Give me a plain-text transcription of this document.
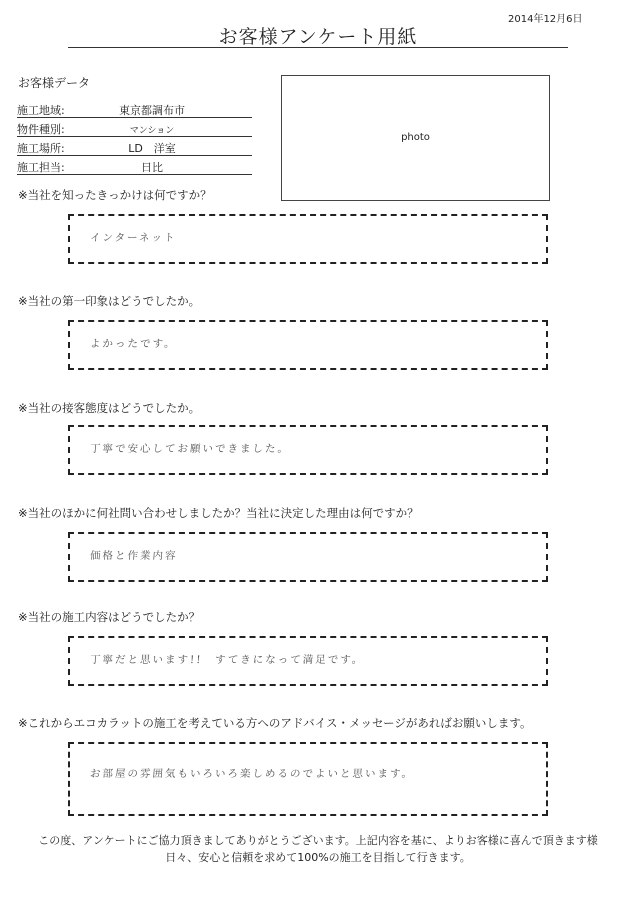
2014年12月6日
お客様アンケート用紙
お客様データ
施工地域:	東京都調布市
物件種別:	マンション
施工場所:	LD　洋室
施工担当:	日比
photo
※当社を知ったきっかけは何ですか？
インターネット
※当社の第一印象はどうでしたか。
よかったです。
※当社の接客態度はどうでしたか。
丁寧で安心してお願いできました。
※当社のほかに何社問い合わせしましたか？当社に決定した理由は何ですか？
価格と作業内容
※当社の施工内容はどうでしたか？
丁寧だと思います!!　すてきになって満足です。
※これからエコカラットの施工を考えている方へのアドバイス・メッセージがあればお願いします。
お部屋の雰囲気もいろいろ楽しめるのでよいと思います。
この度、アンケートにご協力頂きましてありがとうございます。上記内容を基に、よりお客様に喜んで頂きます様
日々、安心と信頼を求めて100%の施工を目指して行きます。
